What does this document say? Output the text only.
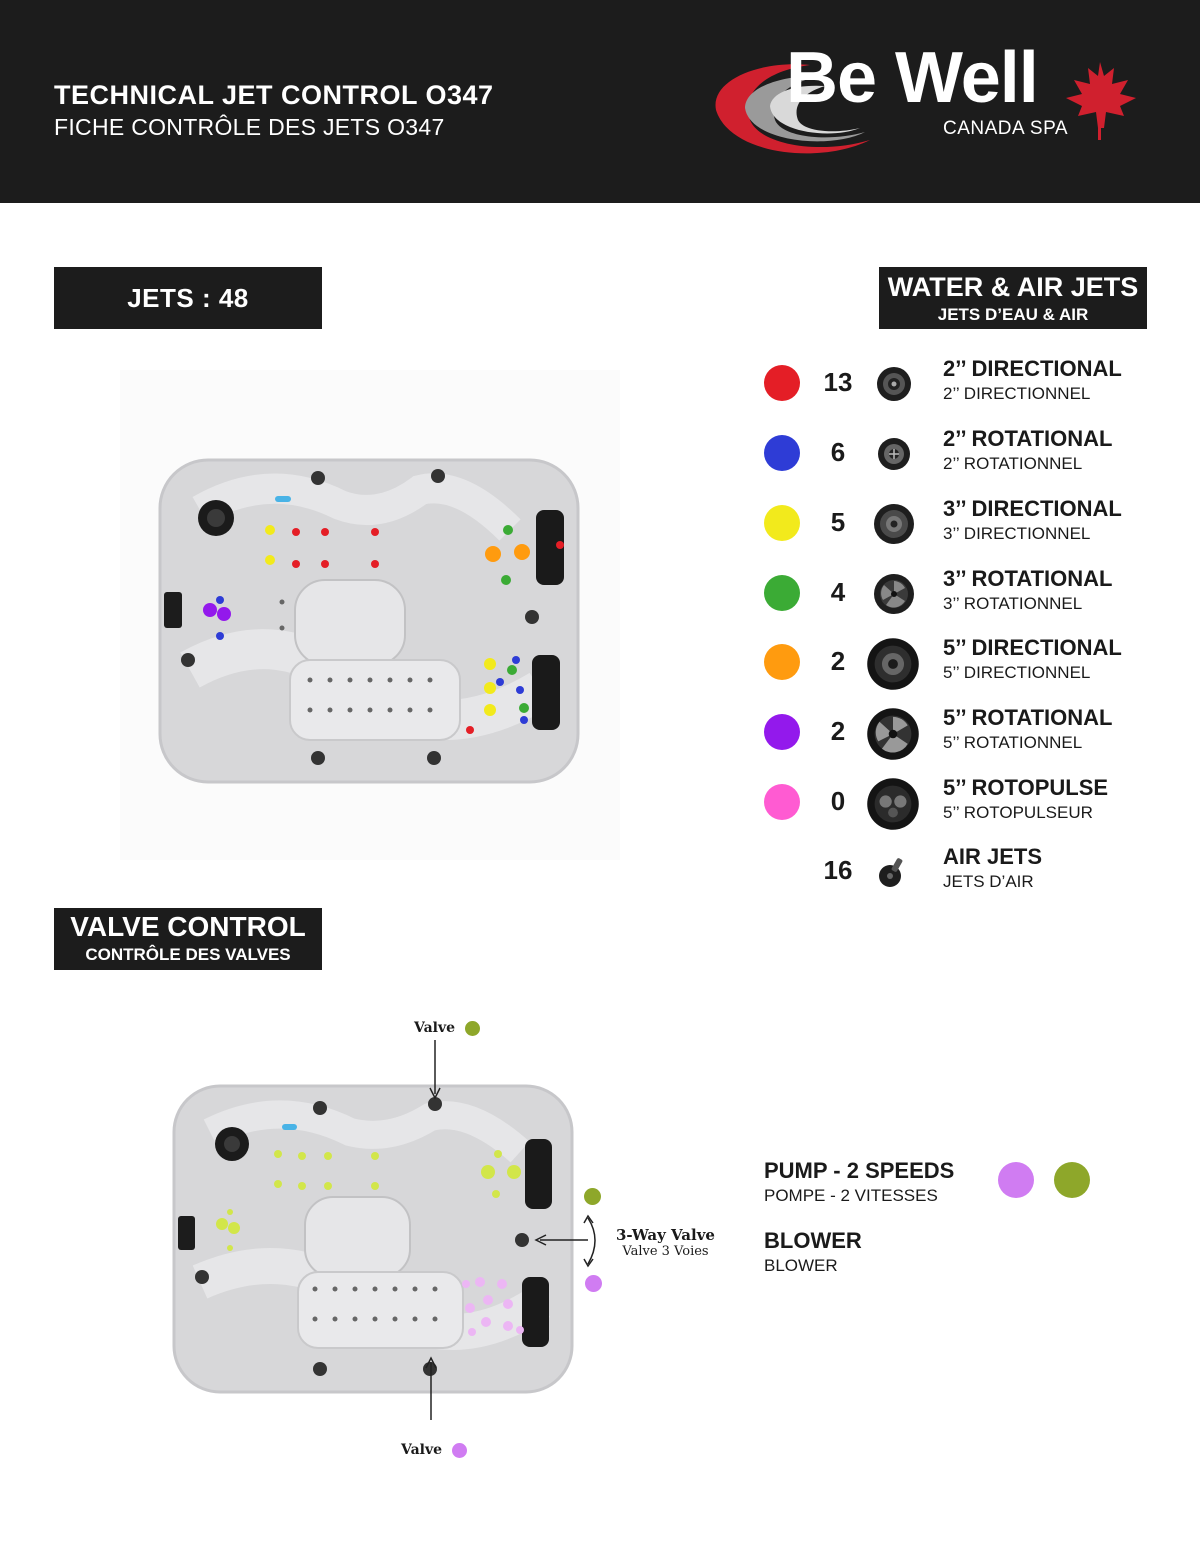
TECHNICAL JET CONTROL O347
FICHE CONTRÔLE DES JETS O347
Be Well
CANADA SPA
JETS : 48	WATER & AIR JETS
JETS D’EAU & AIR
13	2’’ DIRECTIONAL
2’’ DIRECTIONNEL
6	2’’ ROTATIONAL
2’’ ROTATIONNEL
5	3’’ DIRECTIONAL
3’’ DIRECTIONNEL
4	3’’ ROTATIONAL
3’’ ROTATIONNEL
2	5’’ DIRECTIONAL
5’’ DIRECTIONNEL
2	5’’ ROTATIONAL
5’’ ROTATIONNEL
0	5’’ ROTOPULSE
5’’ ROTOPULSEUR
16	AIR JETS
JETS D’AIR
VALVE CONTROL
CONTRÔLE DES VALVES
Valve
Valve
3-Way Valve
Valve 3 Voies
PUMP - 2 SPEEDS
POMPE - 2 VITESSES
BLOWER
BLOWER
